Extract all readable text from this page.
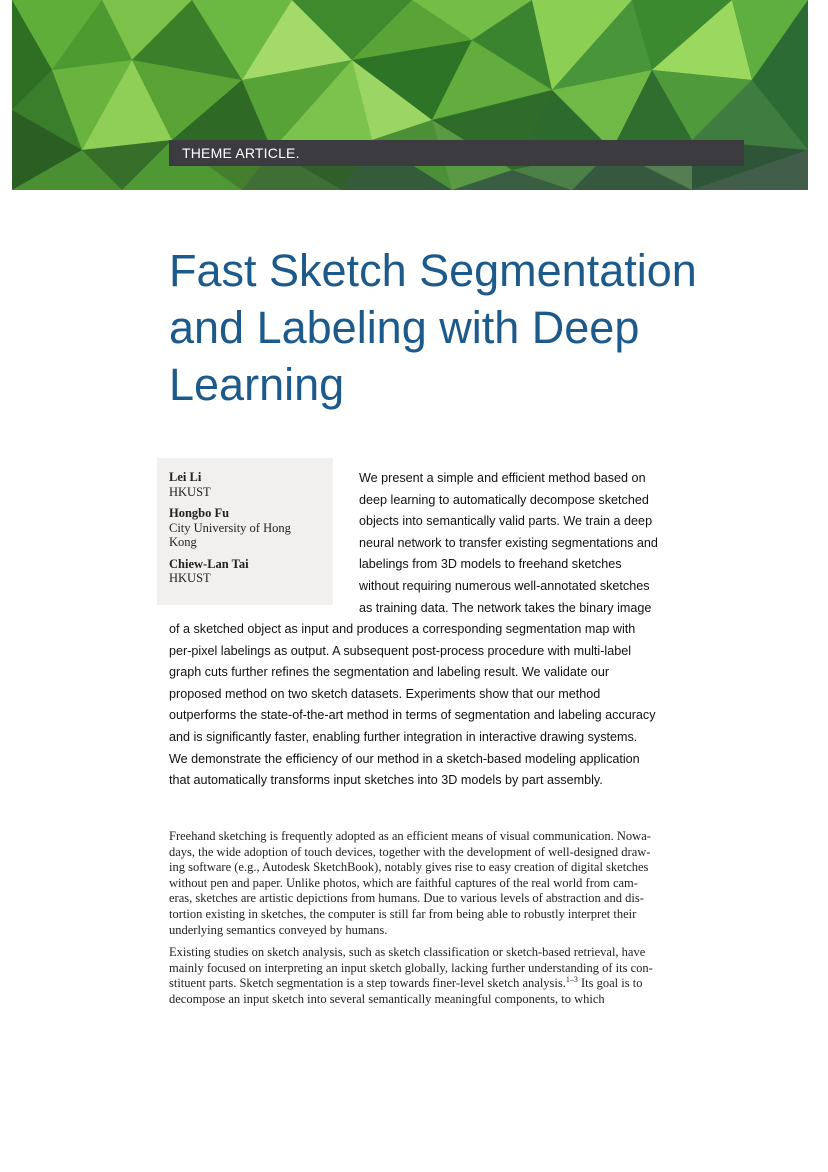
THEME ARTICLE.
Fast Sketch Segmentation
and Labeling with Deep
Learning
Lei Li
HKUST
Hongbo Fu
City University of Hong
Kong
Chiew-Lan Tai
HKUST
We present a simple and efficient method based on
deep learning to automatically decompose sketched
objects into semantically valid parts. We train a deep
neural network to transfer existing segmentations and
labelings from 3D models to freehand sketches
without requiring numerous well-annotated sketches
as training data. The network takes the binary image
of a sketched object as input and produces a corresponding segmentation map with
per-pixel labelings as output. A subsequent post-process procedure with multi-label
graph cuts further refines the segmentation and labeling result. We validate our
proposed method on two sketch datasets. Experiments show that our method
outperforms the state-of-the-art method in terms of segmentation and labeling accuracy
and is significantly faster, enabling further integration in interactive drawing systems.
We demonstrate the efficiency of our method in a sketch-based modeling application
that automatically transforms input sketches into 3D models by part assembly.
Freehand sketching is frequently adopted as an efficient means of visual communication. Nowa-
days, the wide adoption of touch devices, together with the development of well-designed draw-
ing software (e.g., Autodesk SketchBook), notably gives rise to easy creation of digital sketches
without pen and paper. Unlike photos, which are faithful captures of the real world from cam-
eras, sketches are artistic depictions from humans. Due to various levels of abstraction and dis-
tortion existing in sketches, the computer is still far from being able to robustly interpret their
underlying semantics conveyed by humans.
Existing studies on sketch analysis, such as sketch classification or sketch-based retrieval, have
mainly focused on interpreting an input sketch globally, lacking further understanding of its con-
stituent parts. Sketch segmentation is a step towards finer-level sketch analysis.$^{1-3}$ Its goal is to
decompose an input sketch into several semantically meaningful components, to which
